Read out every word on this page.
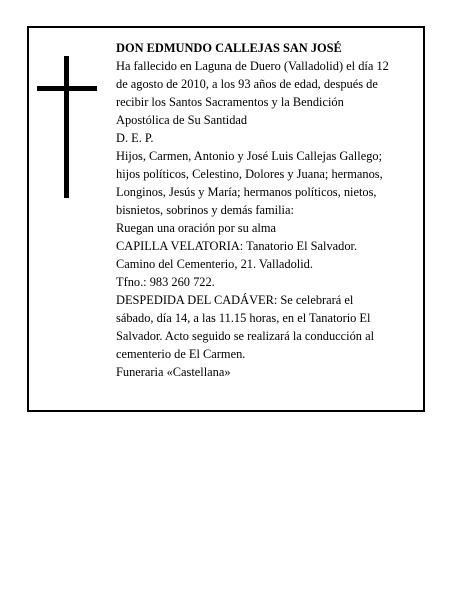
DON EDMUNDO CALLEJAS SAN JOSÉ
Ha fallecido en Laguna de Duero (Valladolid) el día 12
de agosto de 2010, a los 93 años de edad, después de
recibir los Santos Sacramentos y la Bendición
Apostólica de Su Santidad
D. E. P.
Hijos, Carmen, Antonio y José Luis Callejas Gallego;
hijos políticos, Celestino, Dolores y Juana; hermanos,
Longinos, Jesús y María; hermanos políticos, nietos,
bisnietos, sobrinos y demás familia:
Ruegan una oración por su alma
CAPILLA VELATORIA: Tanatorio El Salvador.
Camino del Cementerio, 21. Valladolid.
Tfno.: 983 260 722.
DESPEDIDA DEL CADÁVER: Se celebrará el
sábado, día 14, a las 11.15 horas, en el Tanatorio El
Salvador. Acto seguido se realizará la conducción al
cementerio de El Carmen.
Funeraria «Castellana»
